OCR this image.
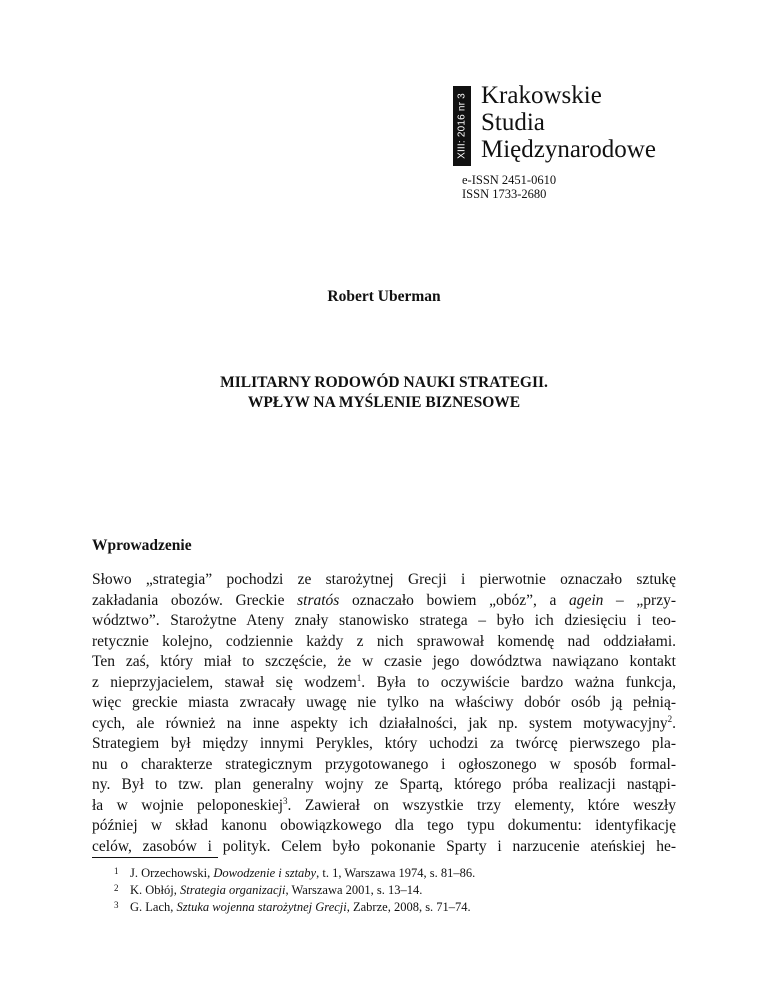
XIII: 2016 nr 3 Krakowskie
Studia
Międzynarodowe
e-ISSN 2451-0610
ISSN 1733-2680
Robert Uberman
MILITARNY RODOWÓD NAUKI STRATEGII.
WPŁYW NA MYŚLENIE BIZNESOWE
Wprowadzenie
Słowo „strategia” pochodzi ze starożytnej Grecji i pierwotnie oznaczało sztukę
zakładania obozów. Greckie stratós oznaczało bowiem „obóz”, a agein – „przy-
wództwo”. Starożytne Ateny znały stanowisko stratega – było ich dziesięciu i teo-
retycznie kolejno, codziennie każdy z nich sprawował komendę nad oddziałami.
Ten zaś, który miał to szczęście, że w czasie jego dowództwa nawiązano kontakt
z nieprzyjacielem, stawał się wodzem$^1$. Była to oczywiście bardzo ważna funkcja,
więc greckie miasta zwracały uwagę nie tylko na właściwy dobór osób ją pełnią-
cych, ale również na inne aspekty ich działalności, jak np. system motywacyjny$^2$.
Strategiem był między innymi Perykles, który uchodzi za twórcę pierwszego pla-
nu o charakterze strategicznym przygotowanego i ogłoszonego w sposób formal-
ny. Był to tzw. plan generalny wojny ze Spartą, którego próba realizacji nastąpi-
ła w wojnie peloponeskiej$^3$. Zawierał on wszystkie trzy elementy, które weszły
później w skład kanonu obowiązkowego dla tego typu dokumentu: identyfikację
celów, zasobów i polityk. Celem było pokonanie Sparty i narzucenie ateńskiej he-
1 J. Orzechowski, Dowodzenie i sztaby, t. 1, Warszawa 1974, s. 81–86.
2 K. Obłój, Strategia organizacji, Warszawa 2001, s. 13–14.
3 G. Lach, Sztuka wojenna starożytnej Grecji, Zabrze, 2008, s. 71–74.
